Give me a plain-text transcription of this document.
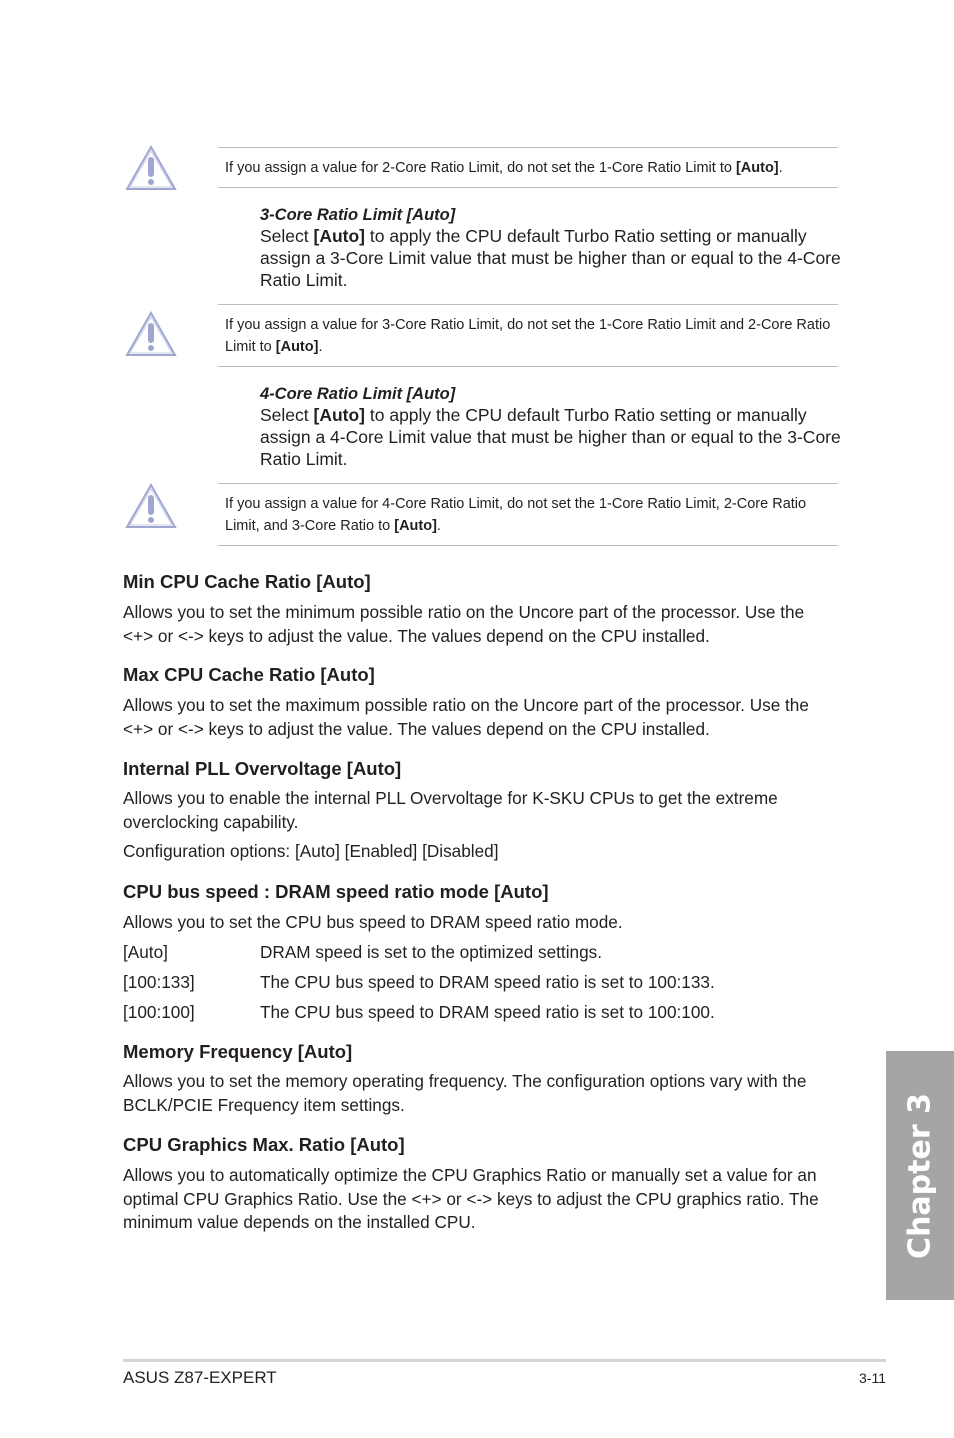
If you assign a value for 2-Core Ratio Limit, do not set the 1-Core Ratio Limit to [Auto].
3-Core Ratio Limit [Auto]
Select [Auto] to apply the CPU default Turbo Ratio setting or manually assign a 3-Core Limit value that must be higher than or equal to the 4-Core Ratio Limit.
If you assign a value for 3-Core Ratio Limit, do not set the 1-Core Ratio Limit and 2-Core Ratio Limit to [Auto].
4-Core Ratio Limit [Auto]
Select [Auto] to apply the CPU default Turbo Ratio setting or manually assign a 4-Core Limit value that must be higher than or equal to the 3-Core Ratio Limit.
If you assign a value for 4-Core Ratio Limit, do not set the 1-Core Ratio Limit, 2-Core Ratio Limit, and 3-Core Ratio to [Auto].
Min CPU Cache Ratio [Auto]
Allows you to set the minimum possible ratio on the Uncore part of the processor. Use the <+> or <-> keys to adjust the value. The values depend on the CPU installed.
Max CPU Cache Ratio [Auto]
Allows you to set the maximum possible ratio on the Uncore part of the processor. Use the <+> or <-> keys to adjust the value. The values depend on the CPU installed.
Internal PLL Overvoltage [Auto]
Allows you to enable the internal PLL Overvoltage for K-SKU CPUs to get the extreme overclocking capability.
Configuration options: [Auto] [Enabled] [Disabled]
CPU bus speed : DRAM speed ratio mode [Auto]
Allows you to set the CPU bus speed to DRAM speed ratio mode.
[Auto]	DRAM speed is set to the optimized settings.
[100:133]	The CPU bus speed to DRAM speed ratio is set to 100:133.
[100:100]	The CPU bus speed to DRAM speed ratio is set to 100:100.
Memory Frequency [Auto]
Allows you to set the memory operating frequency. The configuration options vary with the BCLK/PCIE Frequency item settings.
CPU Graphics Max. Ratio [Auto]
Allows you to automatically optimize the CPU Graphics Ratio or manually set a value for an optimal CPU Graphics Ratio. Use the <+> or <-> keys to adjust the CPU graphics ratio. The minimum value depends on the installed CPU.	Chapter 3
ASUS Z87-EXPERT	3-11
